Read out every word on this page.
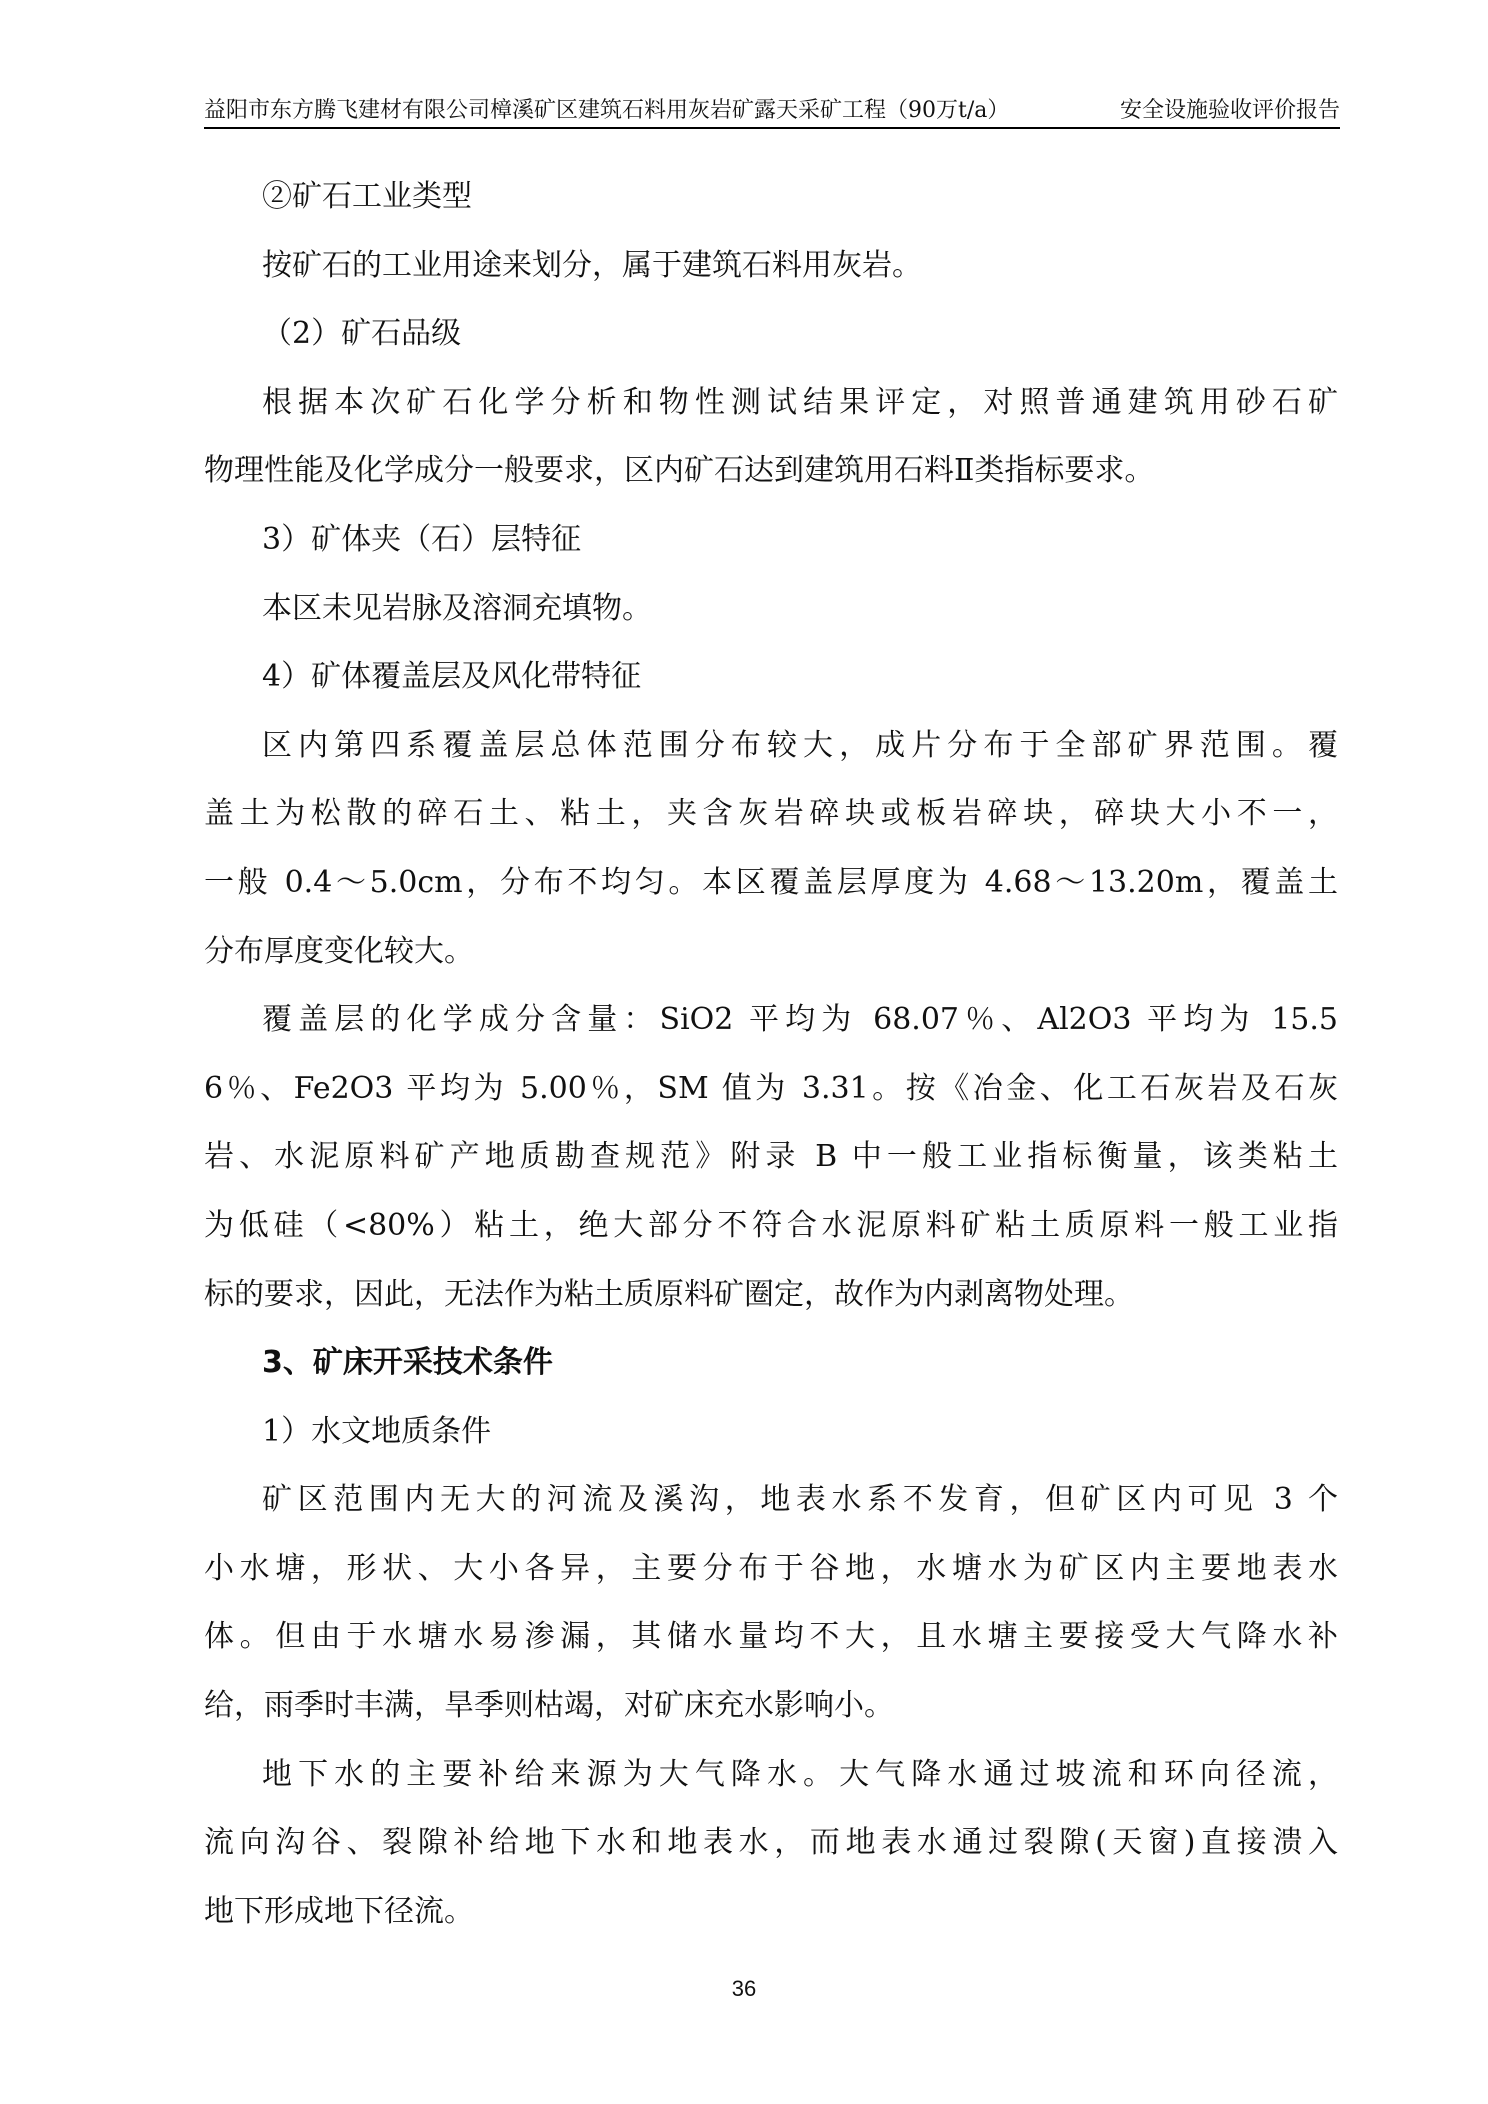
益阳市东方腾飞建材有限公司樟溪矿区建筑石料用灰岩矿露天采矿工程（90万t/a）	安全设施验收评价报告
②矿石工业类型
按矿石的工业用途来划分，属于建筑石料用灰岩。
（2）矿石品级
根据本次矿石化学分析和物性测试结果评定，对照普通建筑用砂石矿
物理性能及化学成分一般要求，区内矿石达到建筑用石料Ⅱ类指标要求。
3）矿体夹（石）层特征
本区未见岩脉及溶洞充填物。
4）矿体覆盖层及风化带特征
区内第四系覆盖层总体范围分布较大，成片分布于全部矿界范围。覆
盖土为松散的碎石土、粘土，夹含灰岩碎块或板岩碎块，碎块大小不一，
一般 0.4～5.0cm，分布不均匀。本区覆盖层厚度为 4.68～13.20m，覆盖土
分布厚度变化较大。
覆盖层的化学成分含量：SiO2 平均为 68.07％、Al2O3 平均为 15.5
6％、Fe2O3 平均为 5.00％，SM 值为 3.31。按《冶金、化工石灰岩及石灰
岩、水泥原料矿产地质勘查规范》附录 B 中一般工业指标衡量，该类粘土
为低硅（<80%）粘土，绝大部分不符合水泥原料矿粘土质原料一般工业指
标的要求，因此，无法作为粘土质原料矿圈定，故作为内剥离物处理。
3、矿床开采技术条件
1）水文地质条件
矿区范围内无大的河流及溪沟，地表水系不发育，但矿区内可见 3 个
小水塘，形状、大小各异，主要分布于谷地，水塘水为矿区内主要地表水
体。但由于水塘水易渗漏，其储水量均不大，且水塘主要接受大气降水补
给，雨季时丰满，旱季则枯竭，对矿床充水影响小。
地下水的主要补给来源为大气降水。大气降水通过坡流和环向径流，
流向沟谷、裂隙补给地下水和地表水，而地表水通过裂隙(天窗)直接溃入
地下形成地下径流。
36
